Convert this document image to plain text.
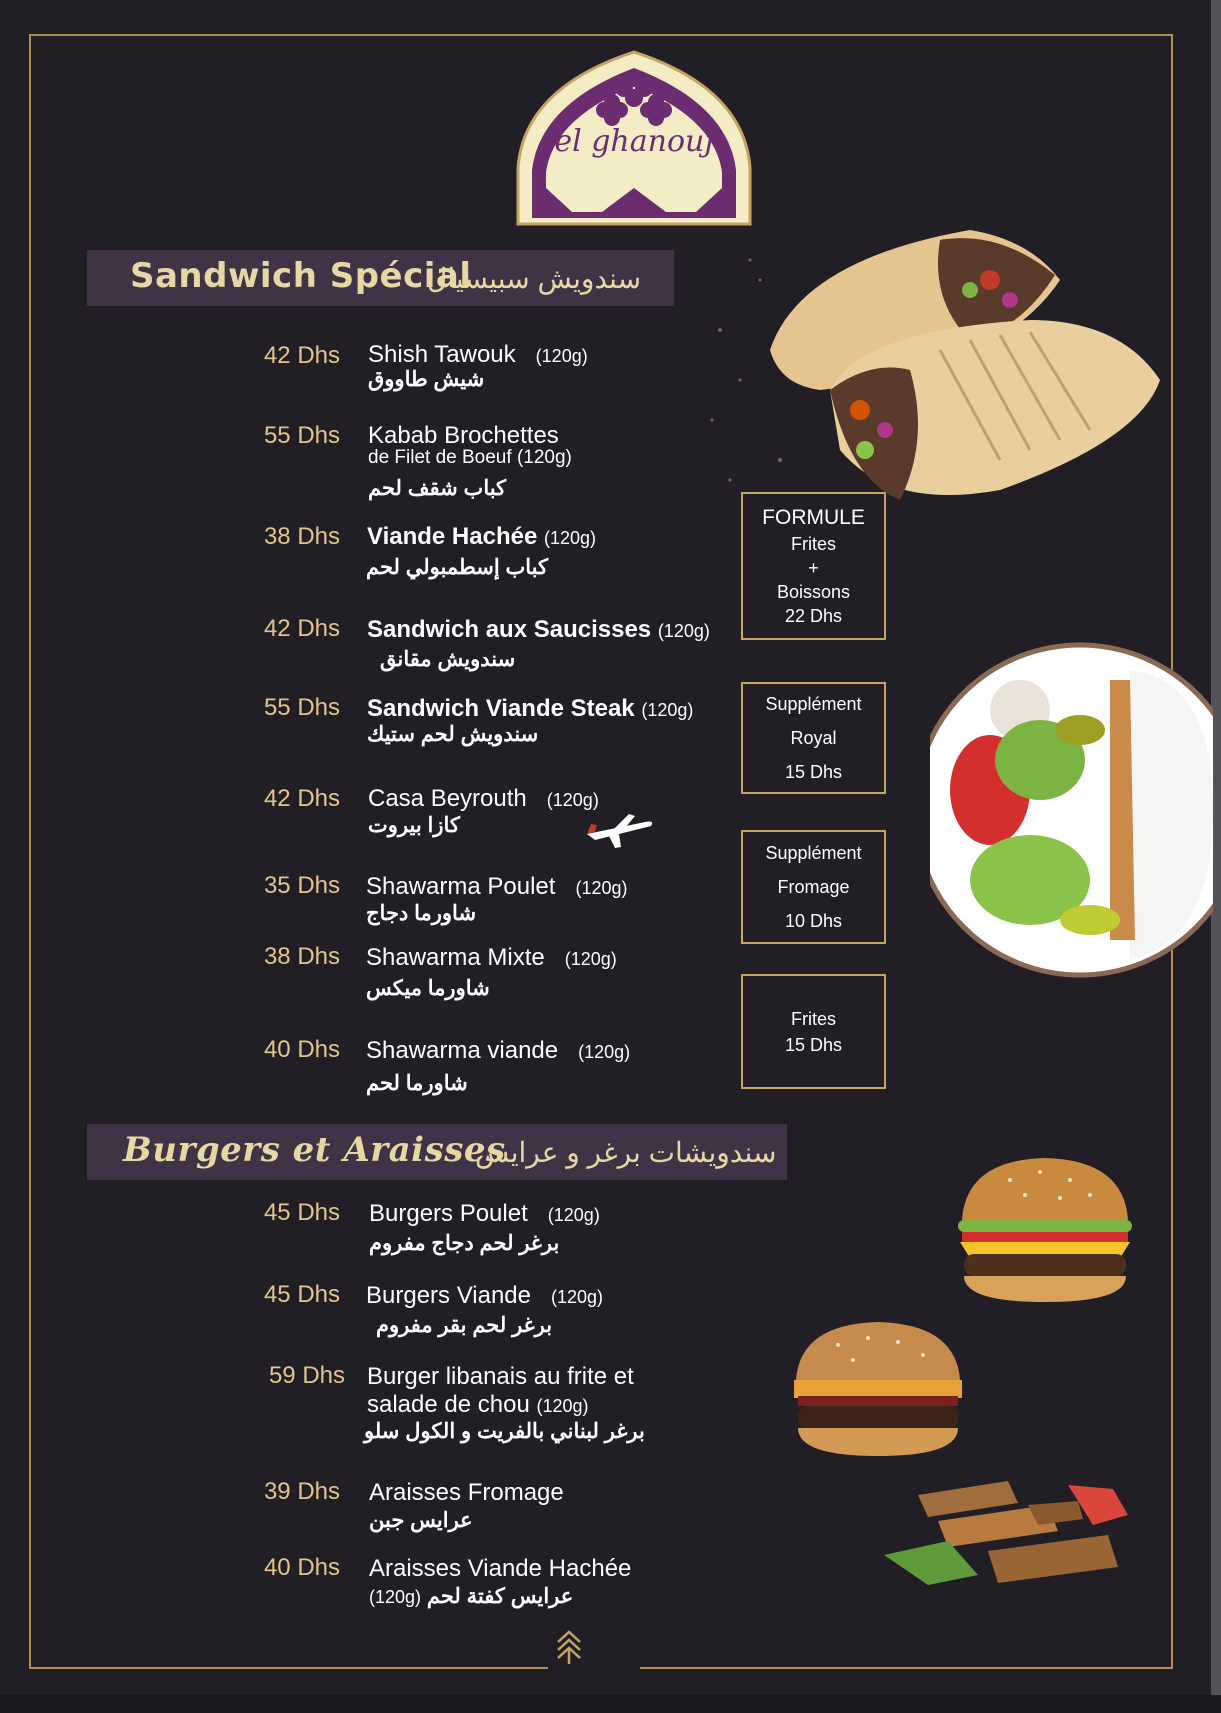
el ghanouj
Sandwich Spécial
سندويش سبيسيال
42 Dhs Shish Tawouk (120g)
شيش طاووق
55 Dhs Kabab Brochettes
de Filet de Boeuf (120g)
كباب شقف لحم
38 Dhs Viande Hachée (120g)
كباب إسطمبولي لحم
42 Dhs Sandwich aux Saucisses (120g)
سندويش مقانق
55 Dhs Sandwich Viande Steak (120g)
سندويش لحم ستيك
42 Dhs Casa Beyrouth (120g)
كازا بيروت
35 Dhs Shawarma Poulet (120g)
شاورما دجاج
38 Dhs Shawarma Mixte (120g)
شاورما ميكس
40 Dhs Shawarma viande (120g)
شاورما لحم
FORMULE
Frites
+
Boissons
22 Dhs
Supplément
Royal
15 Dhs
Supplément
Fromage
10 Dhs
Frites
15 Dhs
Burgers et Araisses
سندويشات برغر و عرايس
45 Dhs Burgers Poulet (120g)
برغر لحم دجاج مفروم
45 Dhs Burgers Viande (120g)
برغر لحم بقر مفروم
59 Dhs Burger libanais au frite et
salade de chou (120g)
برغر لبناني بالفريت و الكول سلو
39 Dhs Araisses Fromage
عرايس جبن
40 Dhs Araisses Viande Hachée
عرايس كفتة لحم (120g)
